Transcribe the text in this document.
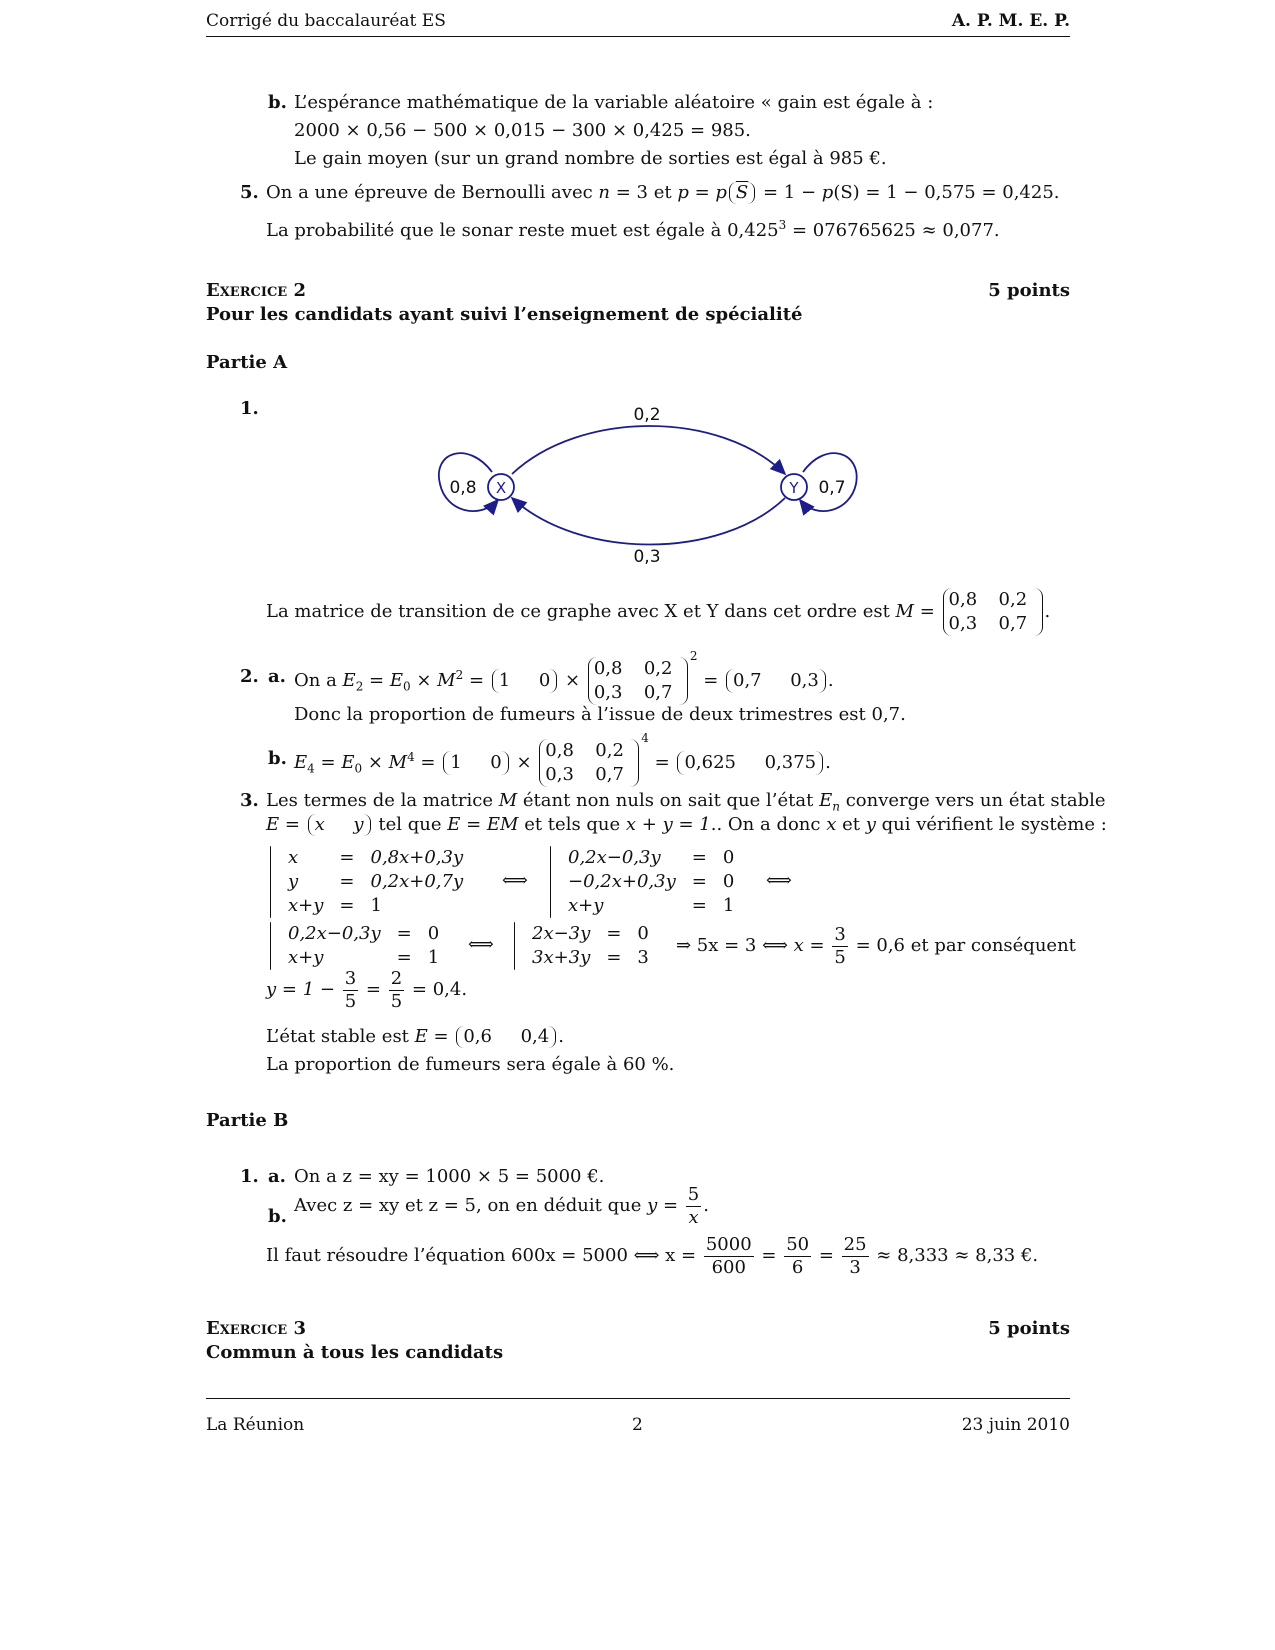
Corrigé du baccalauréat ES	A. P. M. E. P.
b. L’espérance mathématique de la variable aléatoire « gain est égale à :
2000 × 0,56 − 500 × 0,015 − 300 × 0,425 = 985.
Le gain moyen (sur un grand nombre de sorties est égal à 985 €.
5. On a une épreuve de Bernoulli avec n = 3 et p = p $\overline{S} = 1 - p(S) = 1 - 0,575 = 0,425$.
La probabilité que le sonar reste muet est égale à $0,425^3 = 076765625 \approx 0,077$.
Exercice 2	5 points
Pour les candidats ayant suivi l’enseignement de spécialité
Partie A
1.
X	Y
0,2
0,3
0,8	0,7
La matrice de transition de ce graphe avec X et Y dans cet ordre est M =
0,8 0,2
0,3 0,7
.
2. a. On a $E_2 = E_0 \times M^2 = 1$     0 ×
0,8 0,2
0,3 0,7
$^2$ = 0,7     0,3 .
Donc la proportion de fumeurs à l’issue de deux trimestres est 0,7.
b. $E_4 = E_0 \times M^4 = 1$     0 ×
0,8 0,2
0,3 0,7
$^4$ = 0,625     0,375 .
3. Les termes de la matrice M étant non nuls on sait que l’état $E_n$ converge vers un état stable
E = x     y tel que E = EM et tels que x + y = 1.. On a donc x et y qui vérifient le système :
x	=	0,8x+0,3y
y	=	0,2x+0,7y
x+y	=	1
⟺
0,2x−0,3y	=	0
−0,2x+0,3y	=	0
x+y	=	1
⟺
0,2x−0,3y	=	0
x+y	=	1
⟺
2x−3y	=	0
3x+3y	=	3
⇒ 5x = 3 ⟺ $x = \frac{3}{5} = 0,6$ et par conséquent
$y = 1 - \frac{3}{5} = \frac{2}{5} = 0,4$.
L’état stable est E = 0,6     0,4 .
La proportion de fumeurs sera égale à 60 %.
Partie B
1. a. On a z = xy = 1000 × 5 = 5000 €.
b.
Avec z = xy et z = 5, on en déduit que $y = \frac{5}{x}$ .
Il faut résoudre l’équation 600x = 5000 ⟺ $x = \frac{5000}{600} = \frac{50}{6} = \frac{25}{3} \approx 8,333 \approx 8,33$ €.
Exercice 3	5 points
Commun à tous les candidats
La Réunion	2	23 juin 2010
